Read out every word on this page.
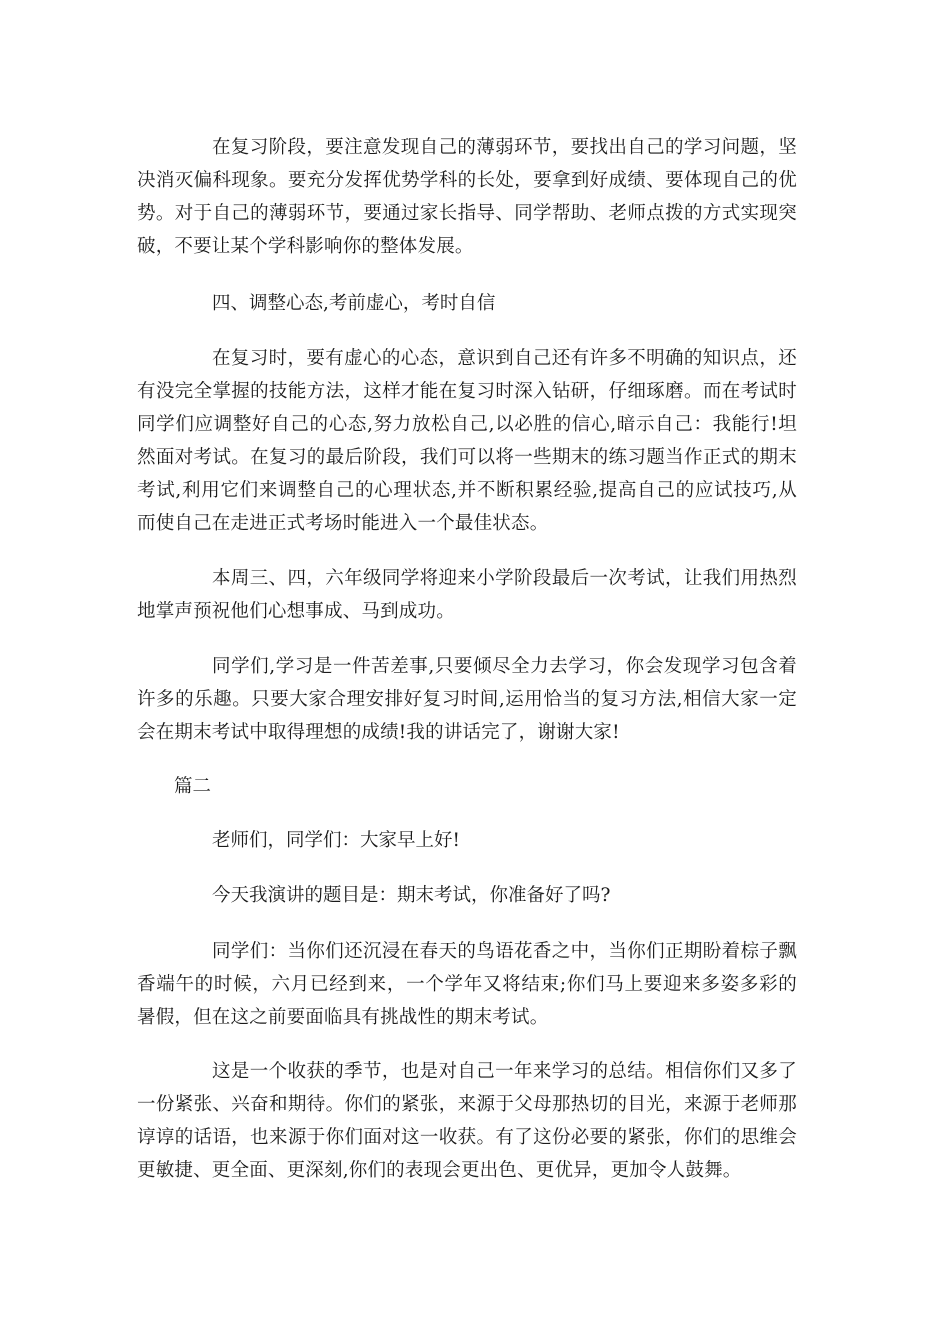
在复习阶段，要注意发现自己的薄弱环节，要找出自己的学习问题，坚决消灭偏科现象。要充分发挥优势学科的长处，要拿到好成绩、要体现自己的优势。对于自己的薄弱环节，要通过家长指导、同学帮助、老师点拨的方式实现突破，不要让某个学科影响你的整体发展。

四、调整心态,考前虚心，考时自信

在复习时，要有虚心的心态，意识到自己还有许多不明确的知识点，还有没完全掌握的技能方法，这样才能在复习时深入钻研，仔细琢磨。而在考试时同学们应调整好自己的心态,努力放松自己,以必胜的信心,暗示自己：我能行!坦然面对考试。在复习的最后阶段，我们可以将一些期末的练习题当作正式的期末考试,利用它们来调整自己的心理状态,并不断积累经验,提高自己的应试技巧,从而使自己在走进正式考场时能进入一个最佳状态。

本周三、四，六年级同学将迎来小学阶段最后一次考试，让我们用热烈地掌声预祝他们心想事成、马到成功。

同学们,学习是一件苦差事,只要倾尽全力去学习，你会发现学习包含着许多的乐趣。只要大家合理安排好复习时间,运用恰当的复习方法,相信大家一定会在期末考试中取得理想的成绩!我的讲话完了，谢谢大家!

篇二

老师们，同学们：大家早上好!

今天我演讲的题目是：期末考试，你准备好了吗?

同学们：当你们还沉浸在春天的鸟语花香之中，当你们正期盼着棕子飘香端午的时候，六月已经到来，一个学年又将结束;你们马上要迎来多姿多彩的暑假，但在这之前要面临具有挑战性的期末考试。

这是一个收获的季节，也是对自己一年来学习的总结。相信你们又多了一份紧张、兴奋和期待。你们的紧张，来源于父母那热切的目光，来源于老师那谆谆的话语，也来源于你们面对这一收获。有了这份必要的紧张，你们的思维会更敏捷、更全面、更深刻,你们的表现会更出色、更优异，更加令人鼓舞。
